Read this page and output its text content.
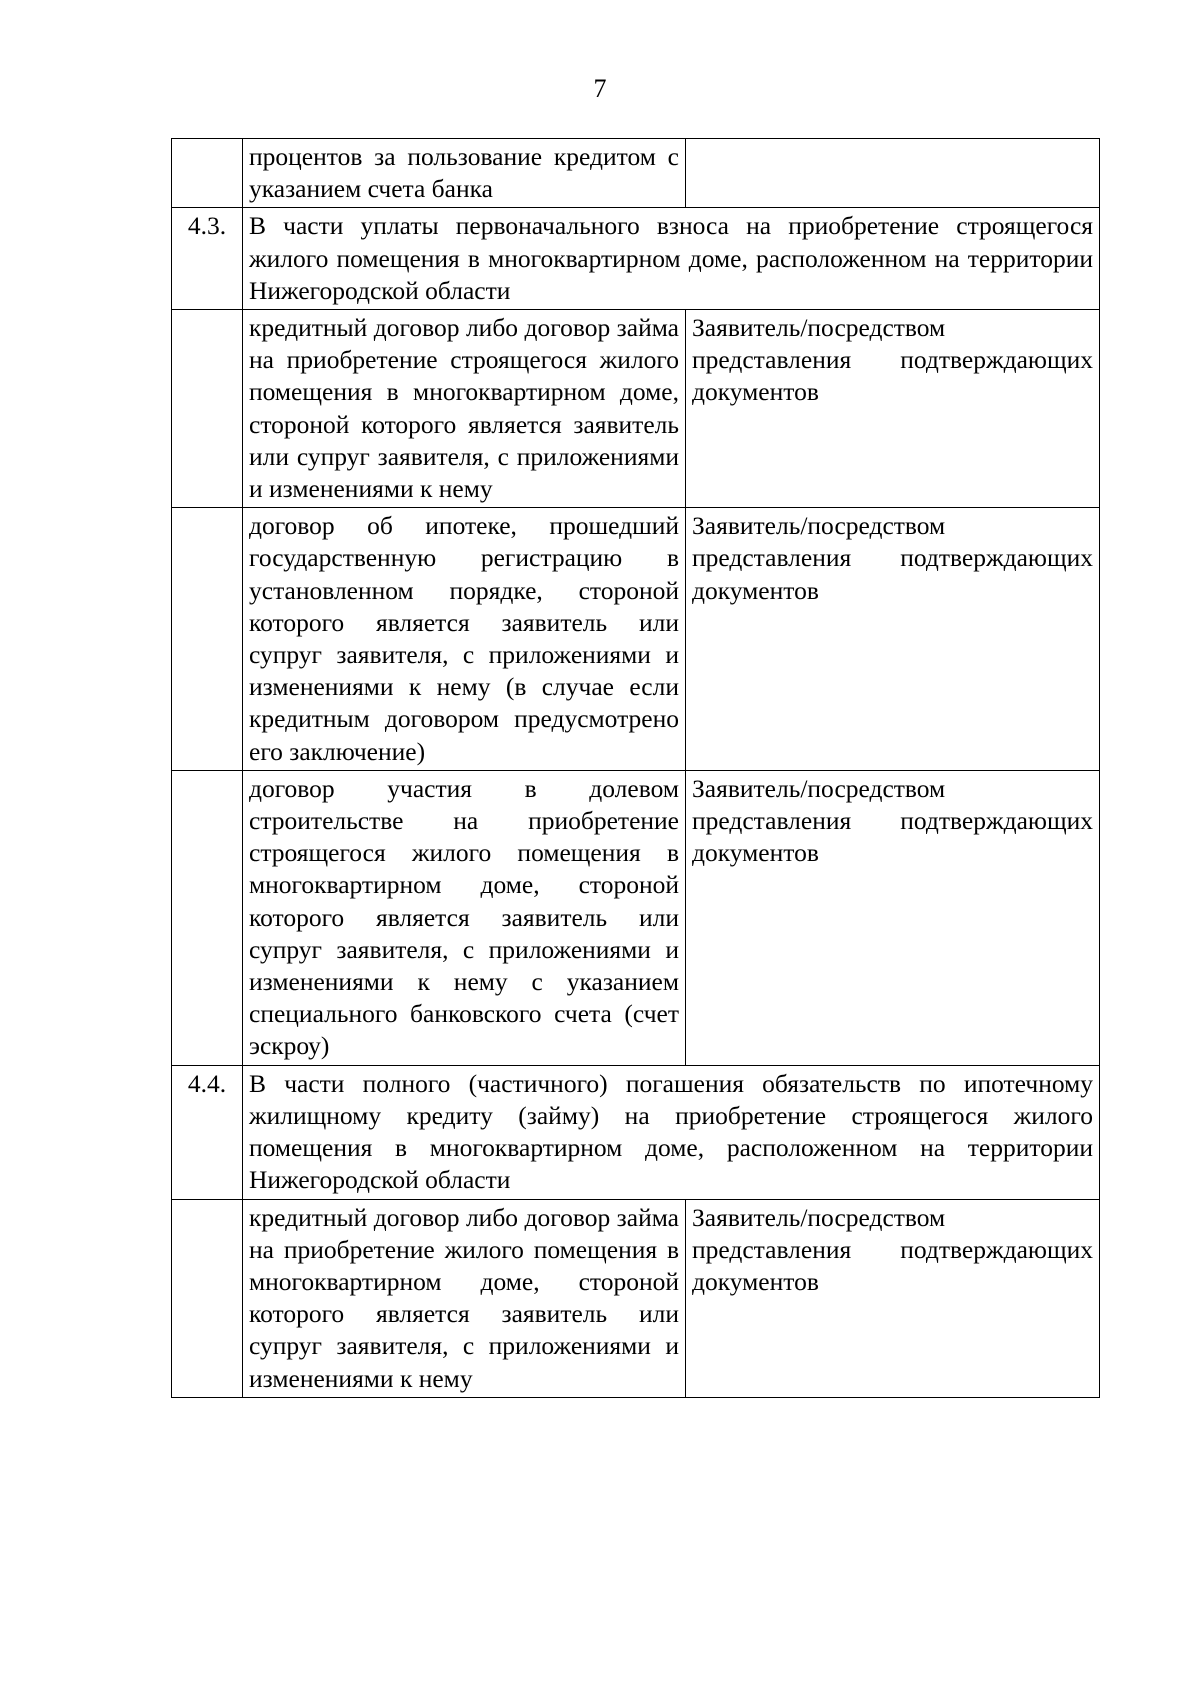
7
	процентов за пользование кредитом с указанием счета банка	
4.3.	В части уплаты первоначального взноса на приобретение строящегося жилого помещения в многоквартирном доме, расположенном на территории Нижегородской области	
	кредитный договор либо договор займа на приобретение строящегося жилого помещения в многоквартирном доме, стороной которого является заявитель или супруг заявителя, с приложениями и изменениями к нему	Заявитель/посредством представления подтверждающих документов
	договор об ипотеке, прошедший государственную регистрацию в установленном порядке, стороной которого является заявитель или супруг заявителя, с приложениями и изменениями к нему (в случае если кредитным договором предусмотрено его заключение)	Заявитель/посредством представления подтверждающих документов
	договор участия в долевом строительстве на приобретение строящегося жилого помещения в многоквартирном доме, стороной которого является заявитель или супруг заявителя, с приложениями и изменениями к нему с указанием специального банковского счета (счет эскроу)	Заявитель/посредством представления подтверждающих документов
4.4.	В части полного (частичного) погашения обязательств по ипотечному жилищному кредиту (займу) на приобретение строящегося жилого помещения в многоквартирном доме, расположенном на территории Нижегородской области	
	кредитный договор либо договор займа на приобретение жилого помещения в многоквартирном доме, стороной которого является заявитель или супруг заявителя, с приложениями и изменениями к нему	Заявитель/посредством представления подтверждающих документов
